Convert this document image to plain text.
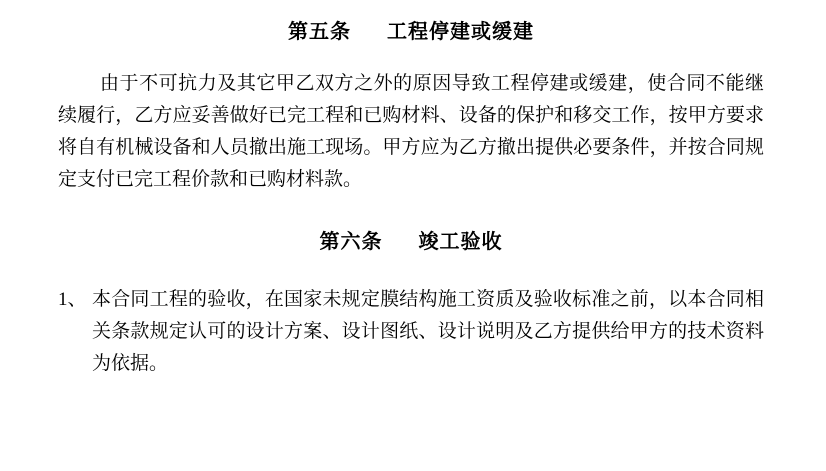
第五条 工程停建或缓建
由于不可抗力及其它甲乙双方之外的原因导致工程停建或缓建，使合同不能继续履行，乙方应妥善做好已完工程和已购材料、设备的保护和移交工作，按甲方要求将自有机械设备和人员撤出施工现场。甲方应为乙方撤出提供必要条件，并按合同规定支付已完工程价款和已购材料款。
第六条 竣工验收
1、 本合同工程的验收，在国家未规定膜结构施工资质及验收标准之前，以本合同相关条款规定认可的设计方案、设计图纸、设计说明及乙方提供给甲方的技术资料为依据。
